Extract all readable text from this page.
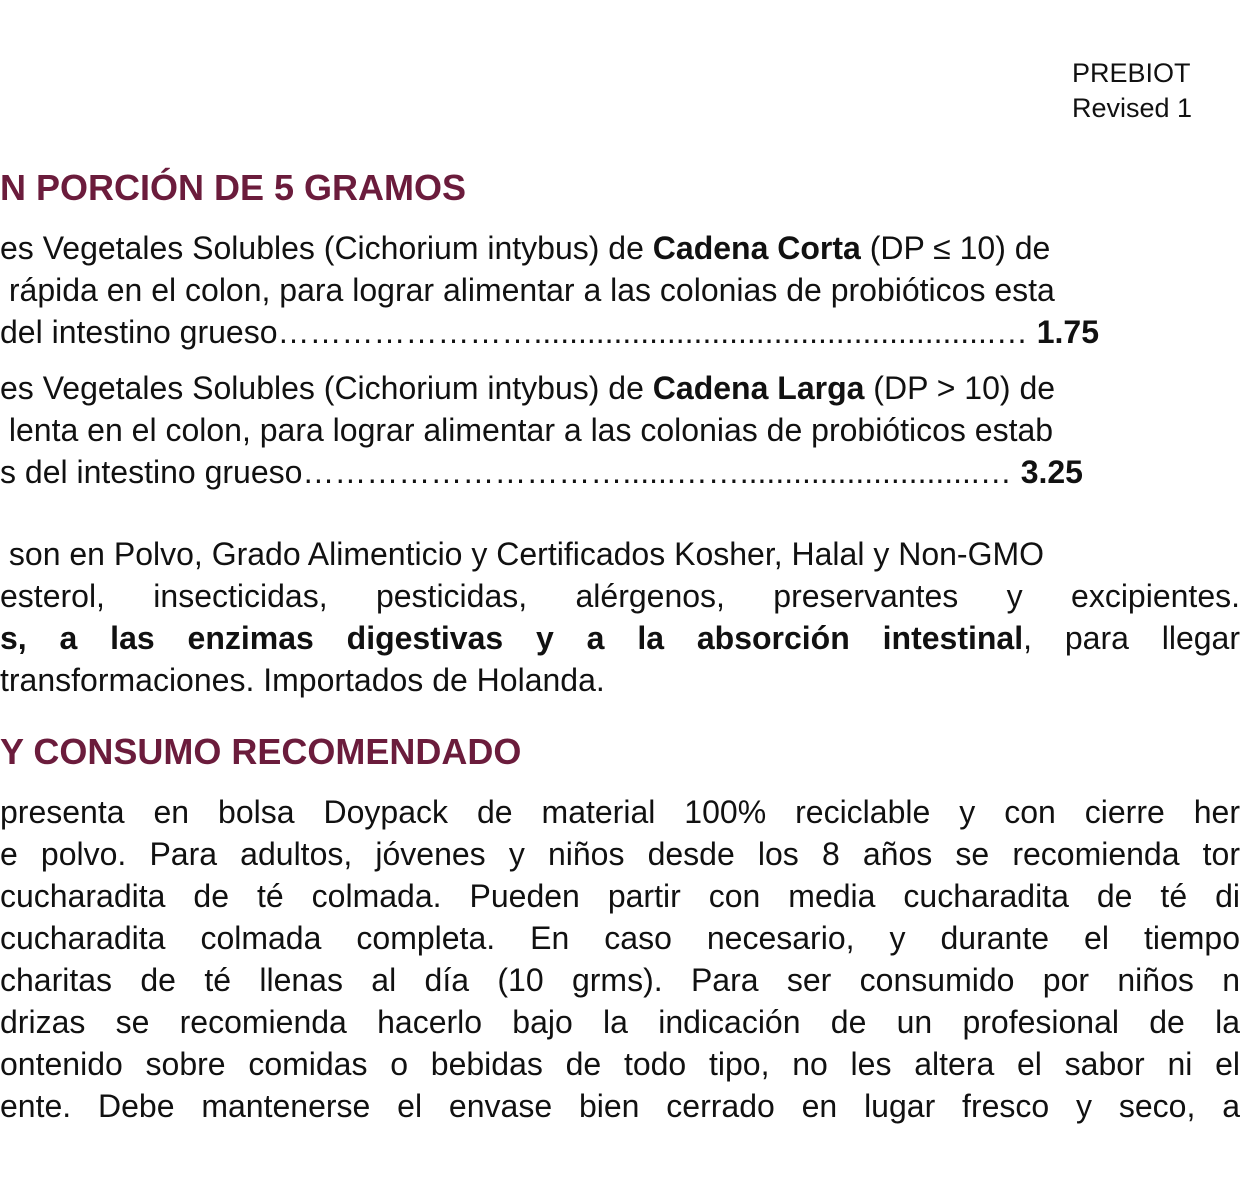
PREBIOT
Revised 1
N PORCIÓN DE 5 GRAMOS
es Vegetales Solubles (Cichorium intybus) de Cadena Corta (DP ≤ 10) de
rápida en el colon, para lograr alimentar a las colonias de probióticos esta
del intestino grueso……………………....................................................… 1.75
es Vegetales Solubles (Cichorium intybus) de Cadena Larga (DP > 10) de
lenta en el colon, para lograr alimentar a las colonias de probióticos estab
s del intestino grueso…………………………......……...........................… 3.25
son en Polvo, Grado Alimenticio y Certificados Kosher, Halal y Non-GMO
esterol, insecticidas, pesticidas, alérgenos, preservantes y excipientes.
s, a las enzimas digestivas y a la absorción intestinal, para llegar
transformaciones. Importados de Holanda.
Y CONSUMO RECOMENDADO
presenta en bolsa Doypack de material 100% reciclable y con cierre her
e polvo. Para adultos, jóvenes y niños desde los 8 años se recomienda tor
cucharadita de té colmada. Pueden partir con media cucharadita de té di
cucharadita colmada completa. En caso necesario, y durante el tiempo
charitas de té llenas al día (10 grms). Para ser consumido por niños n
drizas se recomienda hacerlo bajo la indicación de un profesional de la
ontenido sobre comidas o bebidas de todo tipo, no les altera el sabor ni el
ente. Debe mantenerse el envase bien cerrado en lugar fresco y seco, a
